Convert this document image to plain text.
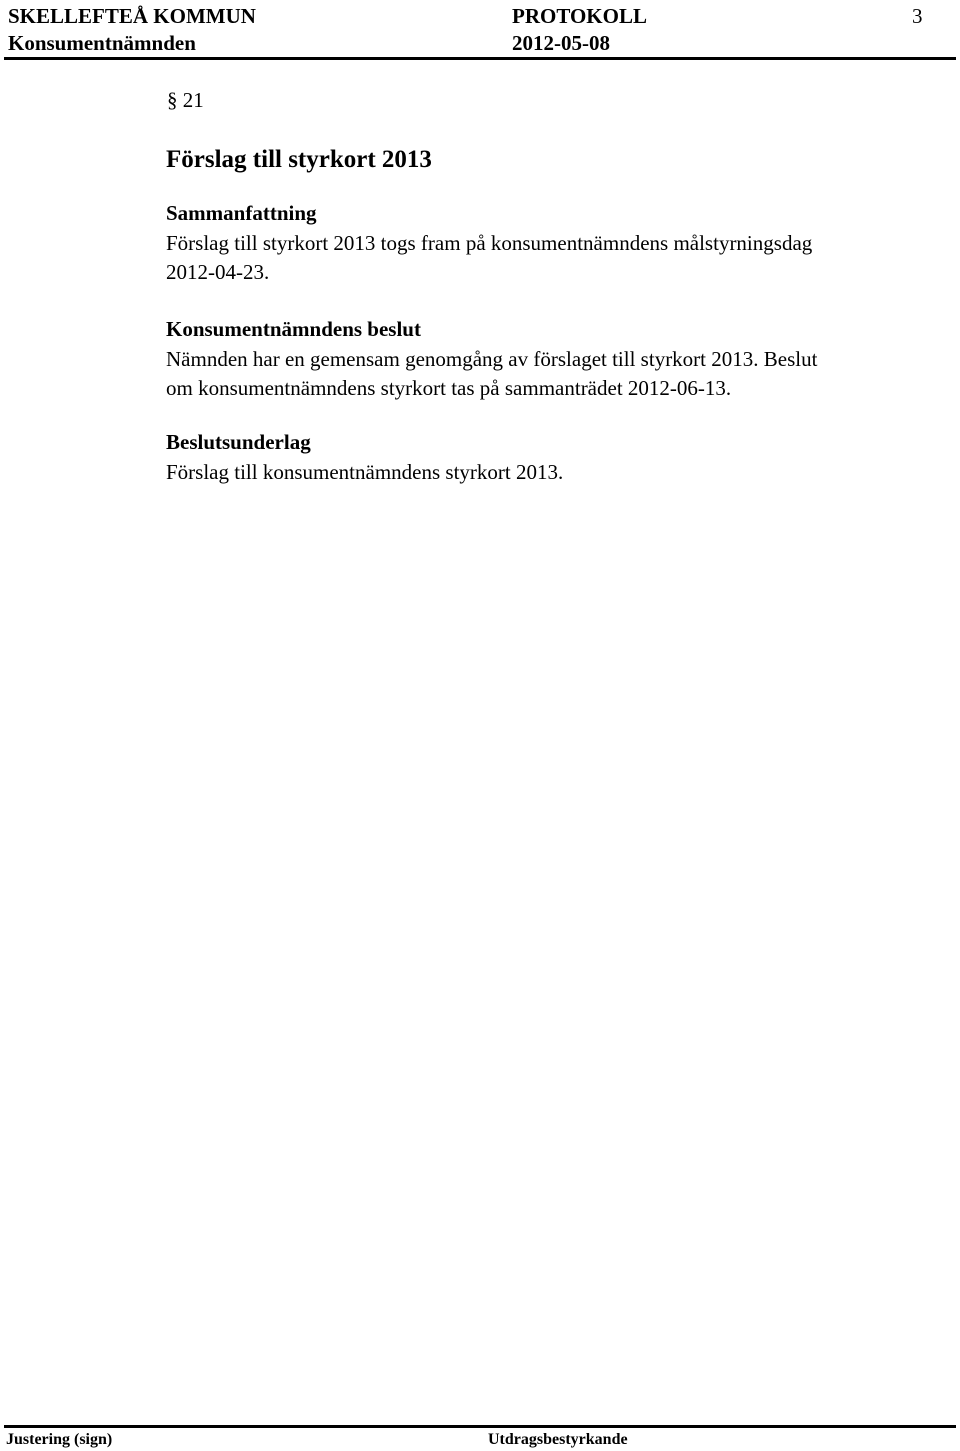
SKELLEFTEÅ KOMMUN	PROTOKOLL	3
Konsumentnämnden	2012-05-08
§ 21
Förslag till styrkort 2013
Sammanfattning
Förslag till styrkort 2013 togs fram på konsumentnämndens målstyrningsdag
2012-04-23.
Konsumentnämndens beslut
Nämnden har en gemensam genomgång av förslaget till styrkort 2013. Beslut
om konsumentnämndens styrkort tas på sammanträdet 2012-06-13.
Beslutsunderlag
Förslag till konsumentnämndens styrkort 2013.
Justering (sign)	Utdragsbestyrkande
